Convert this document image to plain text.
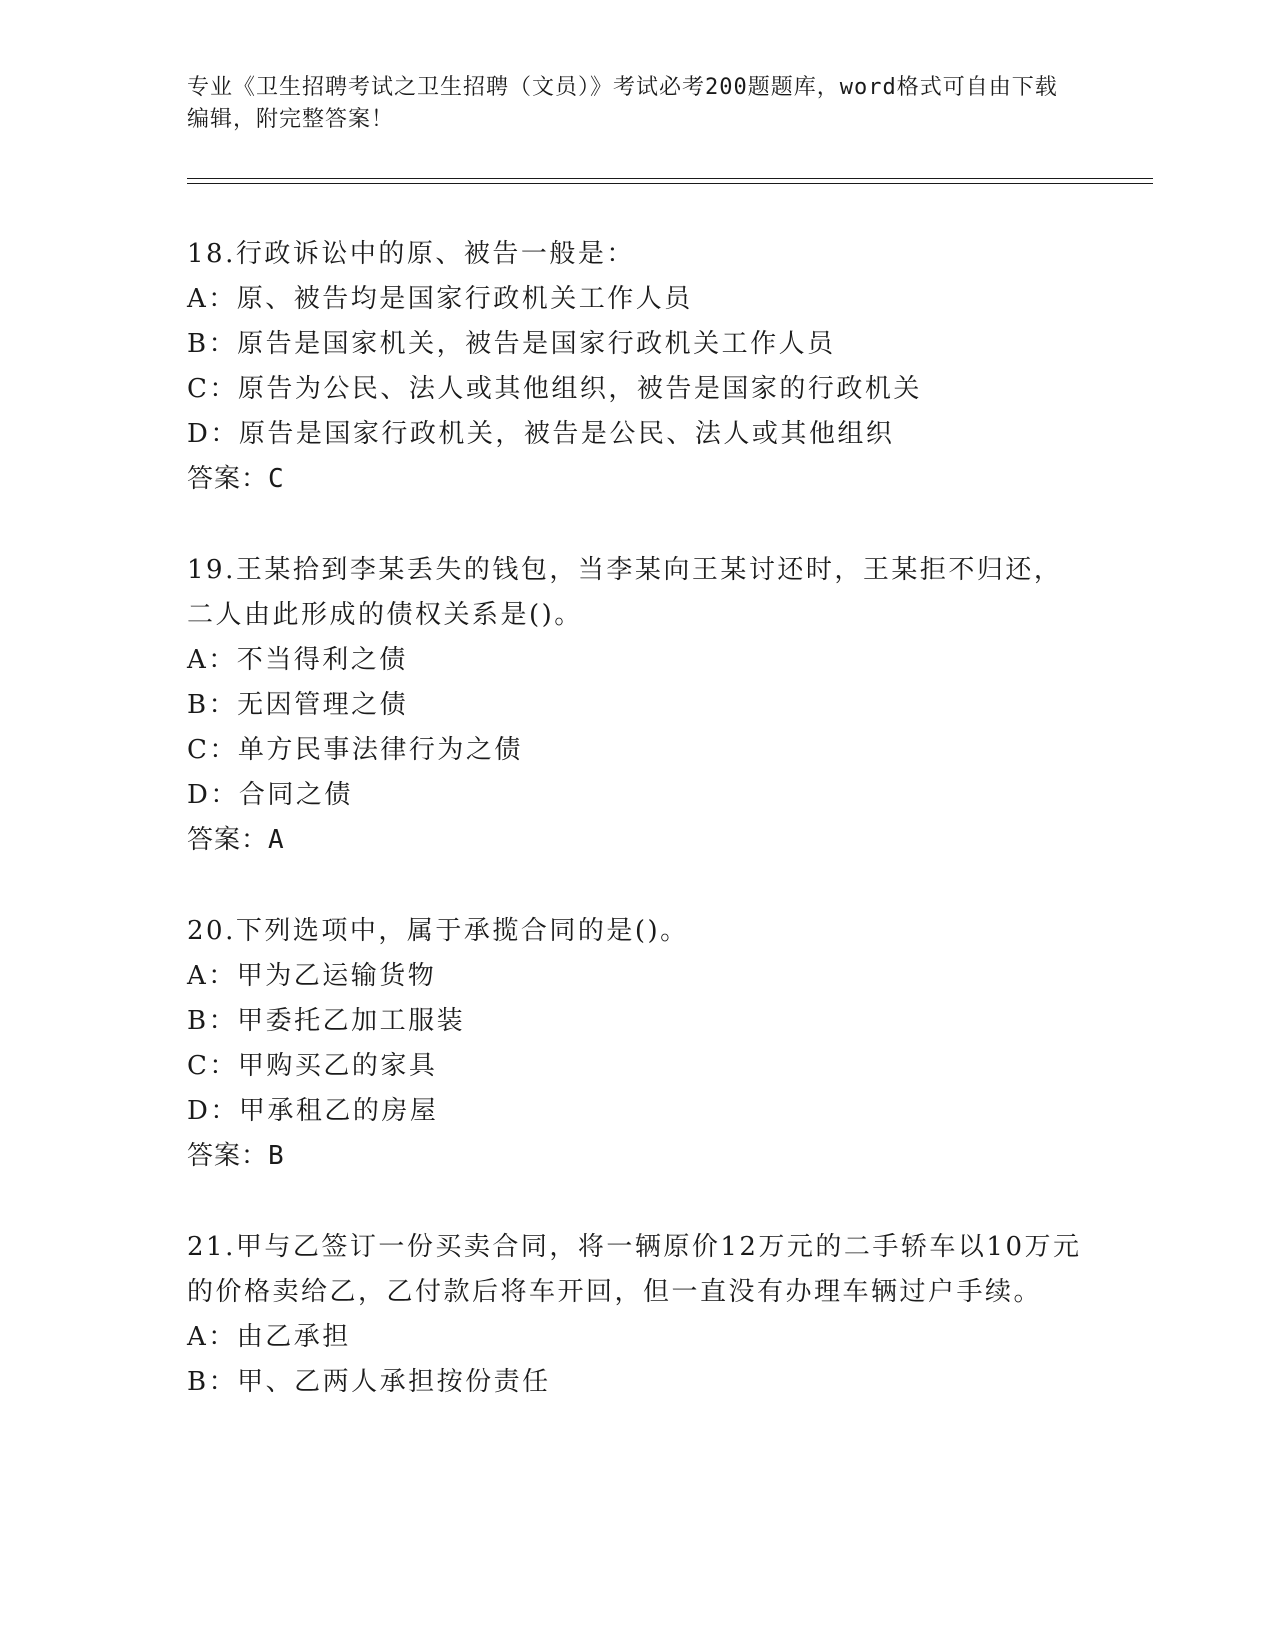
专业《卫生招聘考试之卫生招聘（文员）》考试必考200题题库，word格式可自由下载编辑，附完整答案！

18.行政诉讼中的原、被告一般是：

A：原、被告均是国家行政机关工作人员

B：原告是国家机关，被告是国家行政机关工作人员

C：原告为公民、法人或其他组织，被告是国家的行政机关

D：原告是国家行政机关，被告是公民、法人或其他组织

答案：C

19.王某拾到李某丢失的钱包，当李某向王某讨还时，王某拒不归还，二人由此形成的债权关系是()。

A：不当得利之债

B：无因管理之债

C：单方民事法律行为之债

D：合同之债

答案：A

20.下列选项中，属于承揽合同的是()。

A：甲为乙运输货物

B：甲委托乙加工服装

C：甲购买乙的家具

D：甲承租乙的房屋

答案：B

21.甲与乙签订一份买卖合同，将一辆原价12万元的二手轿车以10万元的价格卖给乙，乙付款后将车开回，但一直没有办理车辆过户手续。

A：由乙承担

B：甲、乙两人承担按份责任
